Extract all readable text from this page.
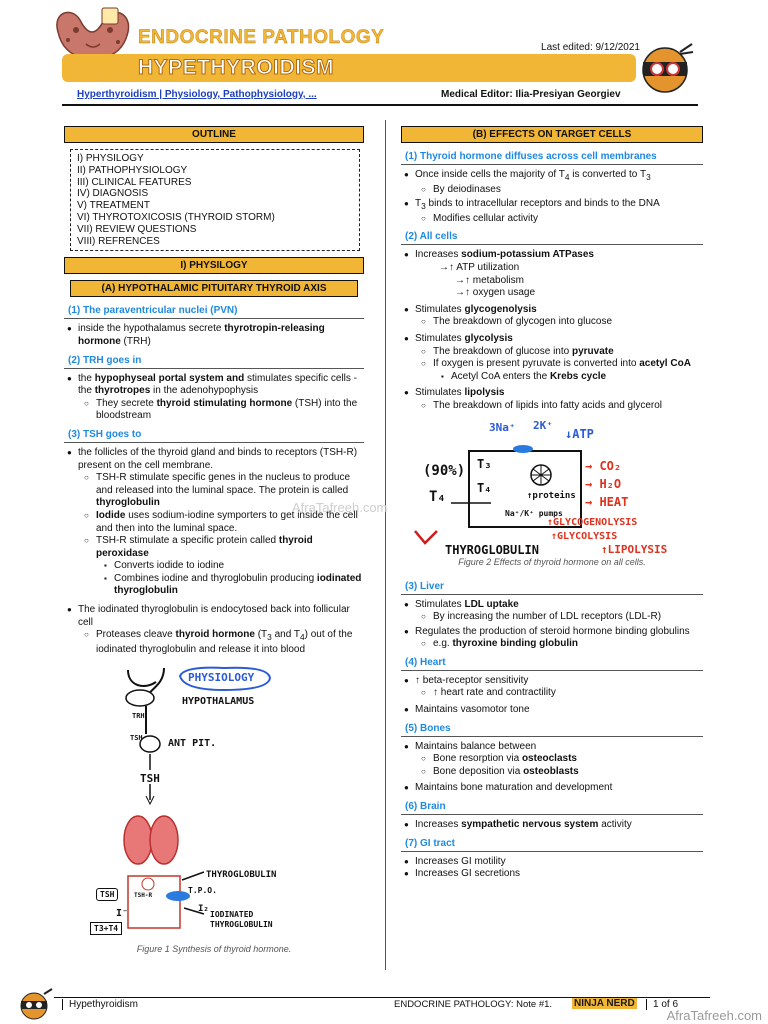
ENDOCRINE PATHOLOGY
HYPETHYROIDISM
Last edited: 9/12/2021
Hyperthyroidism | Physiology, Pathophysiology, ...	Medical Editor: Ilia-Presiyan Georgiev
OUTLINE
I) PHYSILOGY
II) PATHOPHYSIOLOGY
III) CLINICAL FEATURES
IV) DIAGNOSIS
V) TREATMENT
VI) THYROTOXICOSIS (THYROID STORM)
VII) REVIEW QUESTIONS
VIII) REFRENCES
I) PHYSILOGY
(A) HYPOTHALAMIC PITUITARY THYROID AXIS
(1) The paraventricular nuclei (PVN)
● inside the hypothalamus secrete thyrotropin-releasing hormone (TRH)
(2) TRH goes in
● the hypophyseal portal system and stimulates specific cells - the thyrotropes in the adenohypophysis
○ They secrete thyroid stimulating hormone (TSH) into the bloodstream
(3) TSH goes to
● the follicles of the thyroid gland and binds to receptors (TSH-R) present on the cell membrane.
○ TSH-R stimulate specific genes in the nucleus to produce and released into the luminal space. The protein is called thyroglobulin
○ Iodide uses sodium-iodine symporters to get inside the cell and then into the luminal space.
○ TSH-R stimulate a specific protein called thyroid peroxidase
▪ Converts iodide to iodine
▪ Combines iodine and thyroglobulin producing iodinated thyroglobulin
● The iodinated thyroglobulin is endocytosed back into follicular cell
○ Proteases cleave thyroid hormone ($T_3$ and $T_4$) out of the iodinated thyroglobulin and release it into blood
PHYSIOLOGY
HYPOTHALAMUS
TRH
TSH	ANT PIT.
TSH
THYROGLOBULIN
T.P.O.
TSH	TSH-R
I⁻	I₂
IODINATED
THYROGLOBULIN
T3+T4
Figure 1 Synthesis of thyroid hormone.
(B) EFFECTS ON TARGET CELLS
(1) Thyroid hormone diffuses across cell membranes
● Once inside cells the majority of $T_4$ is converted to $T_3$
○ By deiodinases
● $T_3$ binds to intracellular receptors and binds to the DNA
○ Modifies cellular activity
(2) All cells
● Increases sodium-potassium ATPases
→↑ ATP utilization
→↑ metabolism
→↑ oxygen usage
● Stimulates glycogenolysis
○ The breakdown of glycogen into glucose
● Stimulates glycolysis
○ The breakdown of glucose into pyruvate
○ If oxygen is present pyruvate is converted into acetyl CoA
▪ Acetyl CoA enters the Krebs cycle
● Stimulates lipolysis
○ The breakdown of lipids into fatty acids and glycerol
3Na⁺ 2K⁺
↓ATP
(90%)
T₄
T₃
T₄
↑proteins
Na⁺/K⁺ pumps
→ CO₂
→ H₂O
→ HEAT
↑GLYCOGENOLYSIS
↑GLYCOLYSIS
↑LIPOLYSIS
THYROGLOBULIN
Figure 2 Effects of thyroid hormone on all cells.
(3) Liver
● Stimulates LDL uptake
○ By increasing the number of LDL receptors (LDL-R)
● Regulates the production of steroid hormone binding globulins
○ e.g. thyroxine binding globulin
(4) Heart
● ↑ beta-receptor sensitivity
○ ↑ heart rate and contractility
● Maintains vasomotor tone
(5) Bones
● Maintains balance between
○ Bone resorption via osteoclasts
○ Bone deposition via osteoblasts
● Maintains bone maturation and development
(6) Brain
● Increases sympathetic nervous system activity
(7) GI tract
● Increases GI motility
● Increases GI secretions
AfraTafreeh.com
Hypethyroidism	ENDOCRINE PATHOLOGY: Note #1. NINJA NERD	1 of 6
AfraTafreeh.com
